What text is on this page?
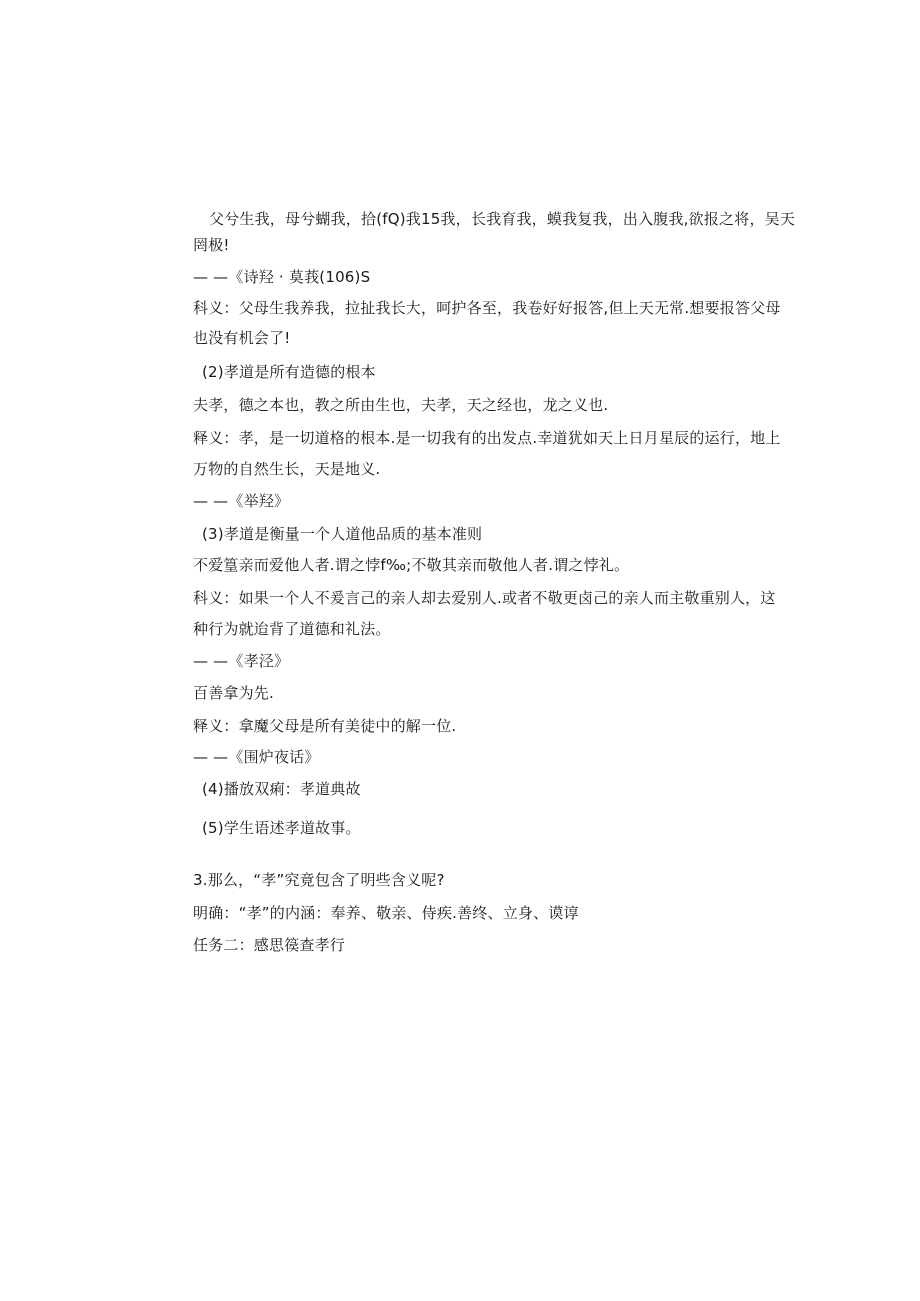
父兮生我，母兮蝴我，拾(fQ)我15我，长我育我，蟆我复我，出入腹我,欲报之将，吴天
罔极!
— —《诗羟 · 莫莪(106)S
科义：父母生我养我，拉扯我长大，呵护各至，我卷好好报答,但上天无常.想要报答父母
也没有机会了!
(2)孝道是所有造德的根本
夫孝，德之本也，教之所由生也，夫孝，天之经也，龙之义也.
释义：孝，是一切道格的根本.是一切我有的出发点.幸道犹如天上日月星辰的运行，地上
万物的自然生长，天是地义.
— —《举羟》
(3)孝道是衡量一个人道他品质的基本准则
不爱篁亲而爱他人者.谓之悖f‰;不敬其亲而敬他人者.谓之悖礼。
科义：如果一个人不爰言己的亲人却去爱别人.或者不敬更卤己的亲人而主敬重别人，这
种行为就迨背了道德和礼法。
— —《孝泾》
百善拿为先.
释义：拿魔父母是所有美徒中的解一位.
— —《围炉夜话》
(4)播放双痢：孝道典故
(5)学生语述孝道故事。
3.那么，“孝”究竟包含了明些含义呢?
明确：“孝”的内涵：奉养、敬亲、侍疾.善终、立身、谟谆
任务二：感思篌查孝行
